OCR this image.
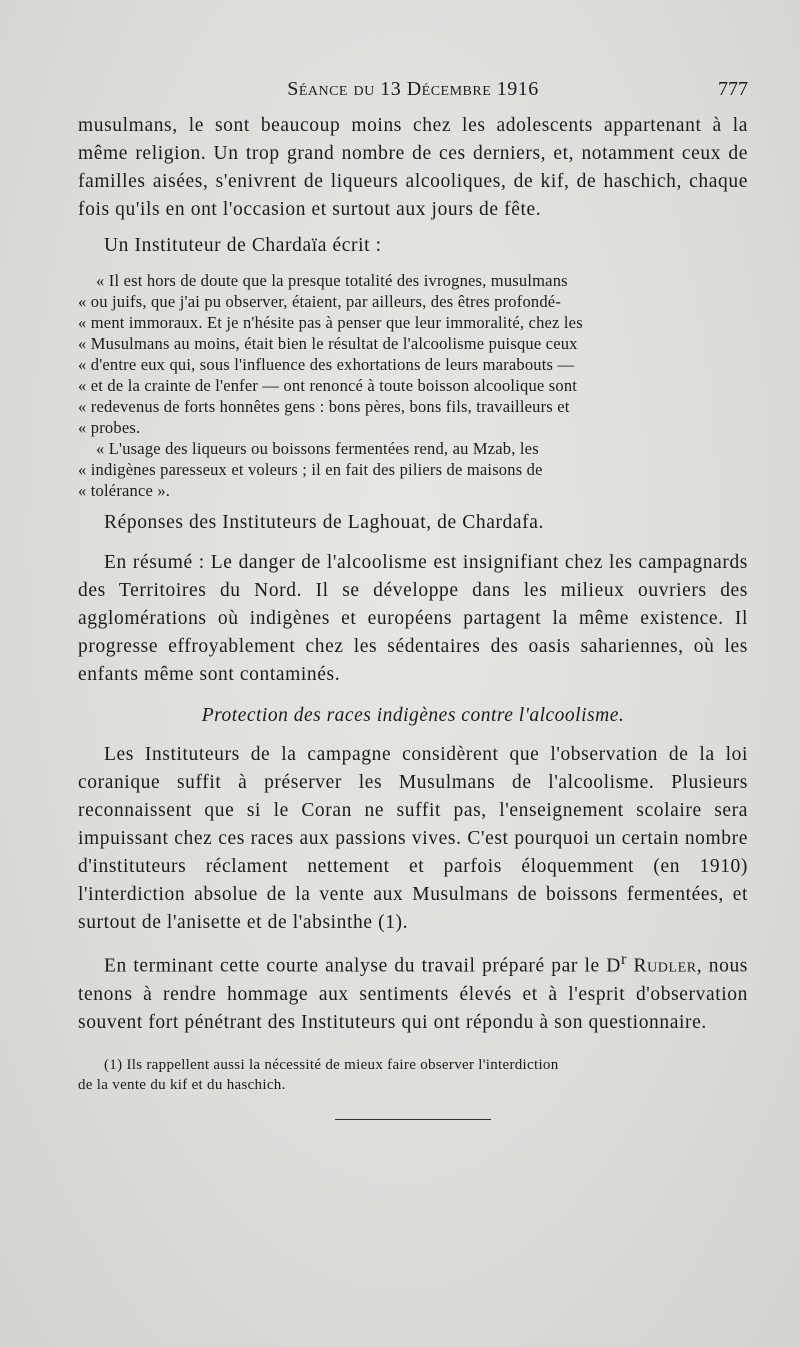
Séance du 13 Décembre 1916	777

musulmans, le sont beaucoup moins chez les adolescents appartenant à la même religion. Un trop grand nombre de ces derniers, et, notamment ceux de familles aisées, s'enivrent de liqueurs alcooliques, de kif, de haschich, chaque fois qu'ils en ont l'occasion et surtout aux jours de fête.

Un Instituteur de Chardaïa écrit :

« Il est hors de doute que la presque totalité des ivrognes, musulmans
« ou juifs, que j'ai pu observer, étaient, par ailleurs, des êtres profondé-
« ment immoraux. Et je n'hésite pas à penser que leur immoralité, chez les
« Musulmans au moins, était bien le résultat de l'alcoolisme puisque ceux
« d'entre eux qui, sous l'influence des exhortations de leurs marabouts —
« et de la crainte de l'enfer — ont renoncé à toute boisson alcoolique sont
« redevenus de forts honnêtes gens : bons pères, bons fils, travailleurs et
« probes.
« L'usage des liqueurs ou boissons fermentées rend, au Mzab, les
« indigènes paresseux et voleurs ; il en fait des piliers de maisons de
« tolérance ».

Réponses des Instituteurs de Laghouat, de Chardafa.

En résumé : Le danger de l'alcoolisme est insignifiant chez les campagnards des Territoires du Nord. Il se développe dans les milieux ouvriers des agglomérations où indigènes et européens partagent la même existence. Il progresse effroyablement chez les sédentaires des oasis sahariennes, où les enfants même sont contaminés.

Protection des races indigènes contre l'alcoolisme.

Les Instituteurs de la campagne considèrent que l'observation de la loi coranique suffit à préserver les Musulmans de l'alcoolisme. Plusieurs reconnaissent que si le Coran ne suffit pas, l'enseignement scolaire sera impuissant chez ces races aux passions vives. C'est pourquoi un certain nombre d'instituteurs réclament nettement et parfois éloquemment (en 1910) l'interdiction absolue de la vente aux Musulmans de boissons fermentées, et surtout de l'anisette et de l'absinthe (1).

En terminant cette courte analyse du travail préparé par le $D^r$ Rudler, nous tenons à rendre hommage aux sentiments élevés et à l'esprit d'observation souvent fort pénétrant des Instituteurs qui ont répondu à son questionnaire.

(1) Ils rappellent aussi la nécessité de mieux faire observer l'interdiction
de la vente du kif et du haschich.
